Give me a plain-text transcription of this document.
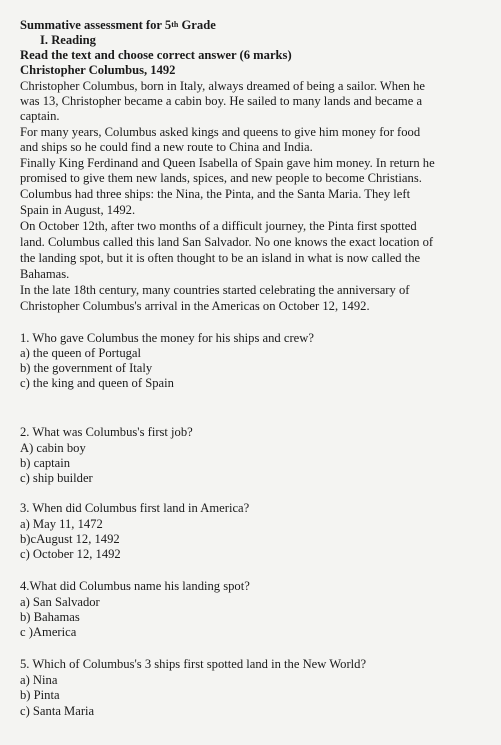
Summative assessment for 5th Grade
I. Reading
Read the text and choose correct answer (6 marks)
Christopher Columbus, 1492
Christopher Columbus, born in Italy, always dreamed of being a sailor. When he
was 13, Christopher became a cabin boy. He sailed to many lands and became a
captain.
For many years, Columbus asked kings and queens to give him money for food
and ships so he could find a new route to China and India.
Finally King Ferdinand and Queen Isabella of Spain gave him money. In return he
promised to give them new lands, spices, and new people to become Christians.
Columbus had three ships: the Nina, the Pinta, and the Santa Maria. They left
Spain in August, 1492.
On October 12th, after two months of a difficult journey, the Pinta first spotted
land. Columbus called this land San Salvador. No one knows the exact location of
the landing spot, but it is often thought to be an island in what is now called the
Bahamas.
In the late 18th century, many countries started celebrating the anniversary of
Christopher Columbus's arrival in the Americas on October 12, 1492.
1. Who gave Columbus the money for his ships and crew?
a) the queen of Portugal
b) the government of Italy
c) the king and queen of Spain
2. What was Columbus's first job?
A) cabin boy
b) captain
c) ship builder
3. When did Columbus first land in America?
a) May 11, 1472
b)cAugust 12, 1492
c) October 12, 1492
4.What did Columbus name his landing spot?
a) San Salvador
b) Bahamas
c )America
5. Which of Columbus's 3 ships first spotted land in the New World?
a) Nina
b) Pinta
c) Santa Maria
